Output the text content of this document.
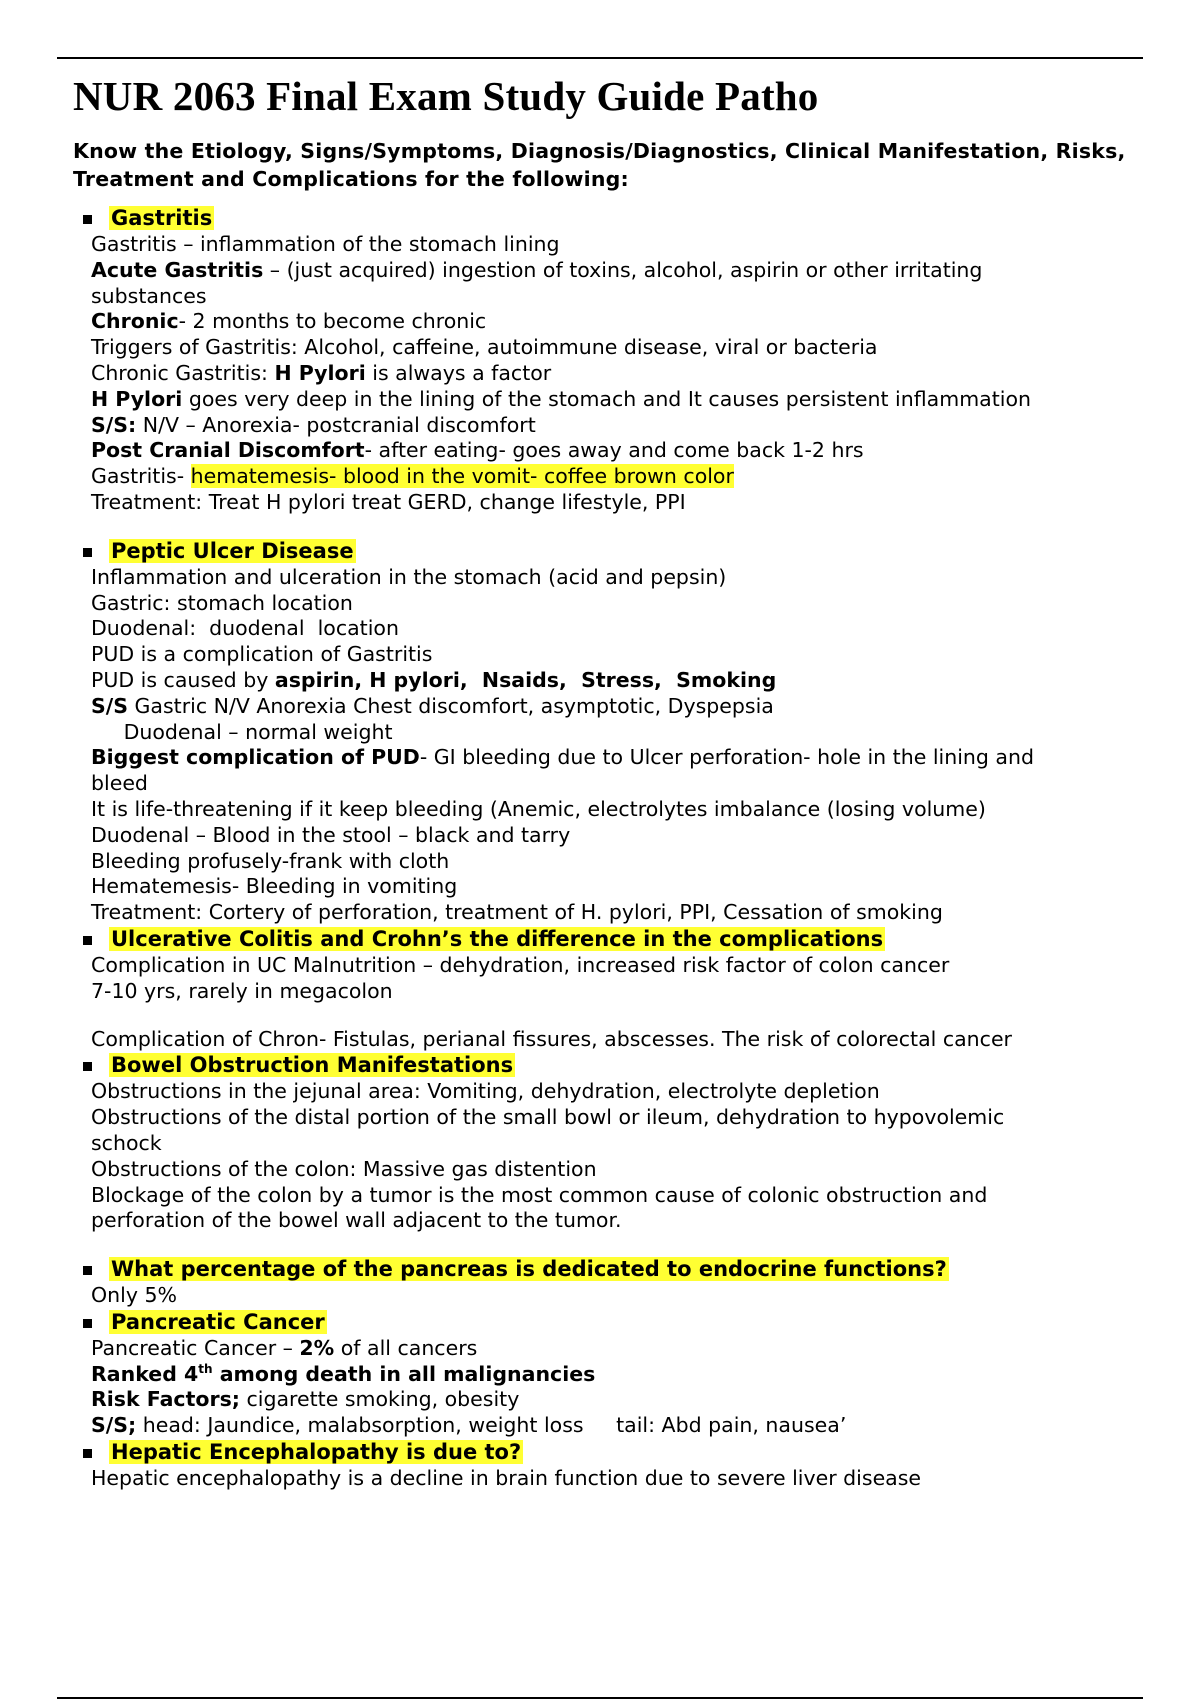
NUR 2063 Final Exam Study Guide Patho
Know the Etiology, Signs/Symptoms, Diagnosis/Diagnostics, Clinical Manifestation, Risks, Treatment and Complications for the following:
Gastritis
Gastritis – inflammation of the stomach lining
Acute Gastritis – (just acquired) ingestion of toxins, alcohol, aspirin or other irritating
substances
Chronic- 2 months to become chronic
Triggers of Gastritis: Alcohol, caffeine, autoimmune disease, viral or bacteria
Chronic Gastritis: H Pylori is always a factor
H Pylori goes very deep in the lining of the stomach and It causes persistent inflammation
S/S: N/V – Anorexia- postcranial discomfort
Post Cranial Discomfort- after eating- goes away and come back 1-2 hrs
Gastritis- hematemesis- blood in the vomit- coffee brown color
Treatment: Treat H pylori treat GERD, change lifestyle, PPI
Peptic Ulcer Disease
Inflammation and ulceration in the stomach (acid and pepsin)
Gastric: stomach location
Duodenal:  duodenal  location
PUD is a complication of Gastritis
PUD is caused by aspirin, H pylori,  Nsaids,  Stress,  Smoking
S/S Gastric N/V Anorexia Chest discomfort, asymptotic, Dyspepsia
Duodenal – normal weight
Biggest complication of PUD- GI bleeding due to Ulcer perforation- hole in the lining and
bleed
It is life-threatening if it keep bleeding (Anemic, electrolytes imbalance (losing volume)
Duodenal – Blood in the stool – black and tarry
Bleeding profusely-frank with cloth
Hematemesis- Bleeding in vomiting
Treatment: Cortery of perforation, treatment of H. pylori, PPI, Cessation of smoking
Ulcerative Colitis and Crohn’s the difference in the complications
Complication in UC Malnutrition – dehydration, increased risk factor of colon cancer
7-10 yrs, rarely in megacolon
Complication of Chron- Fistulas, perianal fissures, abscesses. The risk of colorectal cancer
Bowel Obstruction Manifestations
Obstructions in the jejunal area: Vomiting, dehydration, electrolyte depletion
Obstructions of the distal portion of the small bowl or ileum, dehydration to hypovolemic
schock
Obstructions of the colon: Massive gas distention
Blockage of the colon by a tumor is the most common cause of colonic obstruction and
perforation of the bowel wall adjacent to the tumor.
What percentage of the pancreas is dedicated to endocrine functions?
Only 5%
Pancreatic Cancer
Pancreatic Cancer – 2% of all cancers
Ranked 4th among death in all malignancies
Risk Factors; cigarette smoking, obesity
S/S; head: Jaundice, malabsorption, weight loss     tail: Abd pain, nausea’
Hepatic Encephalopathy is due to?
Hepatic encephalopathy is a decline in brain function due to severe liver disease
